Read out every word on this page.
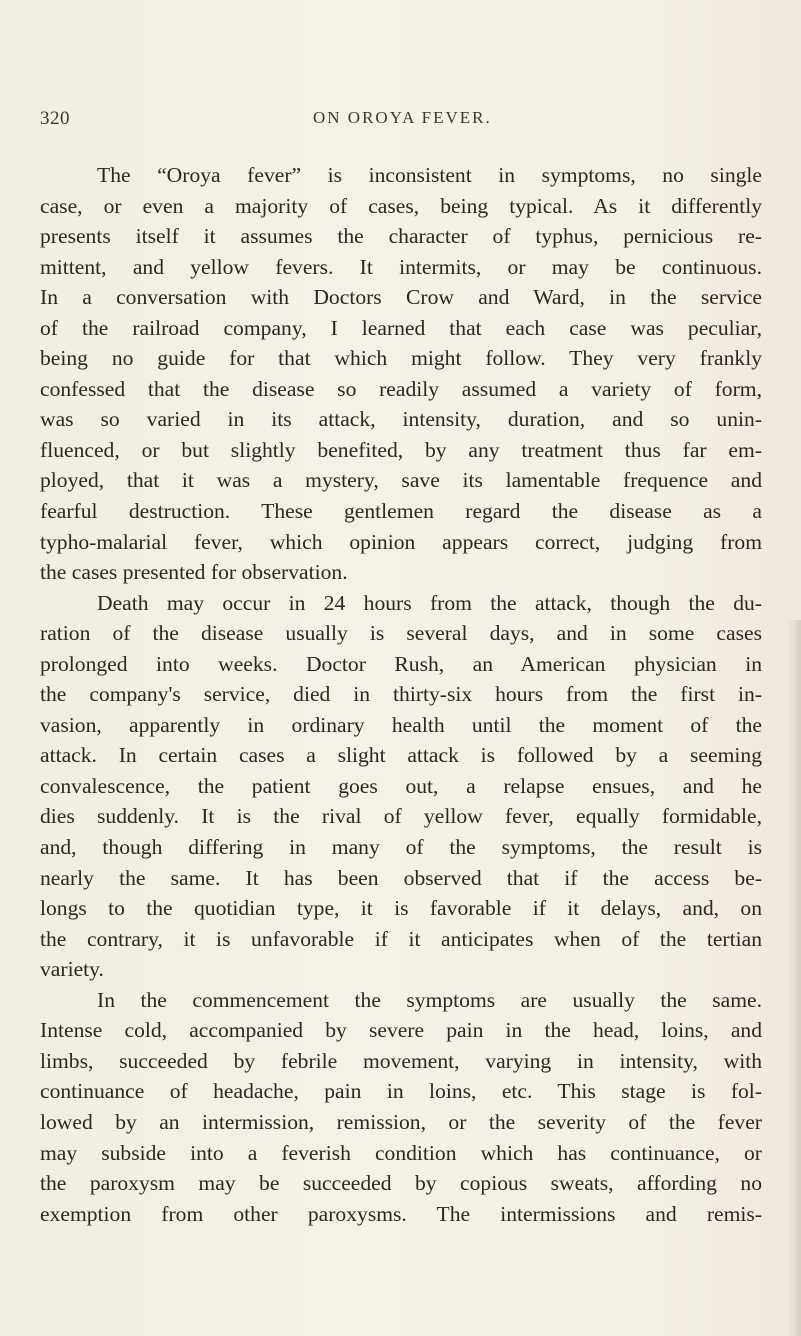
320	ON OROYA FEVER.
The “Oroya fever” is inconsistent in symptoms, no single
case, or even a majority of cases, being typical. As it differently
presents itself it assumes the character of typhus, pernicious re-
mittent, and yellow fevers. It intermits, or may be continuous.
In a conversation with Doctors Crow and Ward, in the service
of the railroad company, I learned that each case was peculiar,
being no guide for that which might follow. They very frankly
confessed that the disease so readily assumed a variety of form,
was so varied in its attack, intensity, duration, and so unin-
fluenced, or but slightly benefited, by any treatment thus far em-
ployed, that it was a mystery, save its lamentable frequence and
fearful destruction. These gentlemen regard the disease as a
typho-malarial fever, which opinion appears correct, judging from
the cases presented for observation.
Death may occur in 24 hours from the attack, though the du-
ration of the disease usually is several days, and in some cases
prolonged into weeks. Doctor Rush, an American physician in
the company's service, died in thirty-six hours from the first in-
vasion, apparently in ordinary health until the moment of the
attack. In certain cases a slight attack is followed by a seeming
convalescence, the patient goes out, a relapse ensues, and he
dies suddenly. It is the rival of yellow fever, equally formidable,
and, though differing in many of the symptoms, the result is
nearly the same. It has been observed that if the access be-
longs to the quotidian type, it is favorable if it delays, and, on
the contrary, it is unfavorable if it anticipates when of the tertian
variety.
In the commencement the symptoms are usually the same.
Intense cold, accompanied by severe pain in the head, loins, and
limbs, succeeded by febrile movement, varying in intensity, with
continuance of headache, pain in loins, etc. This stage is fol-
lowed by an intermission, remission, or the severity of the fever
may subside into a feverish condition which has continuance, or
the paroxysm may be succeeded by copious sweats, affording no
exemption from other paroxysms. The intermissions and remis-
